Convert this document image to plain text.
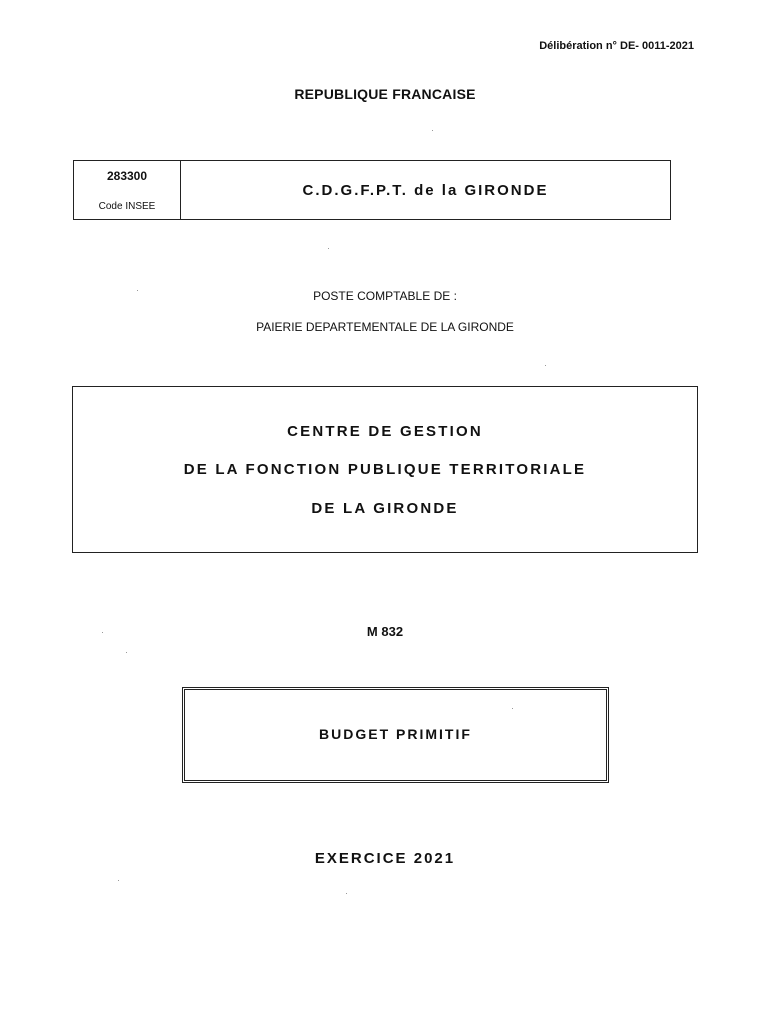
Délibération n° DE- 0011-2021
REPUBLIQUE FRANCAISE
283300
Code INSEE
C.D.G.F.P.T. de la GIRONDE
POSTE COMPTABLE DE :
PAIERIE DEPARTEMENTALE DE LA GIRONDE
CENTRE DE GESTION
DE LA FONCTION PUBLIQUE TERRITORIALE
DE LA GIRONDE
M 832
BUDGET PRIMITIF
EXERCICE 2021
